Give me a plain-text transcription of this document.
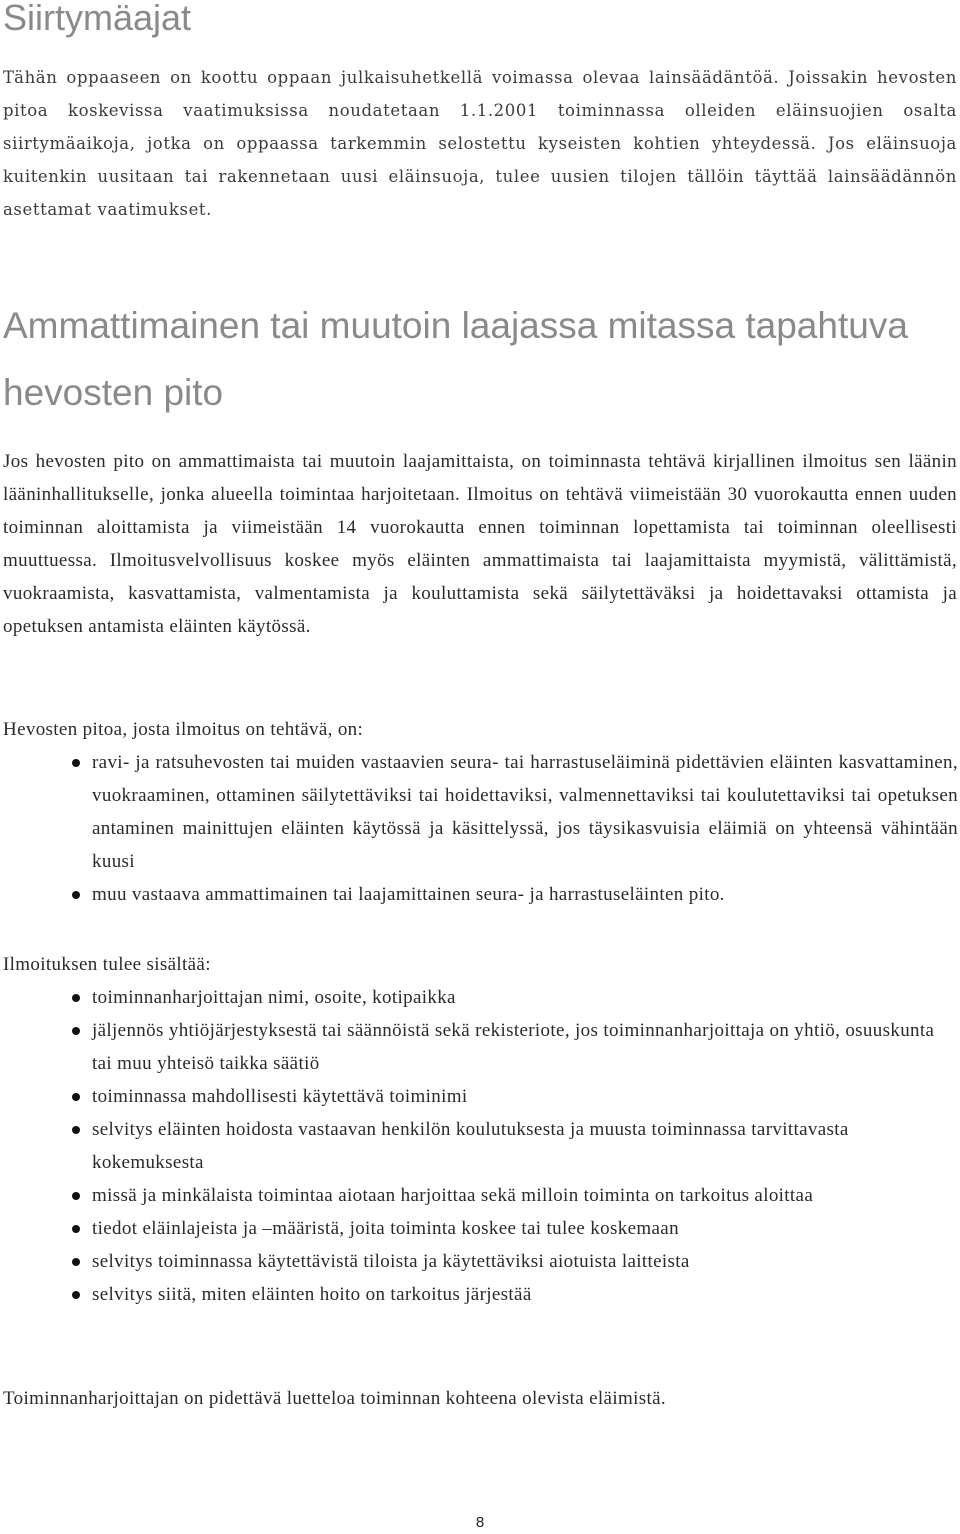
Siirtymäajat

Tähän oppaaseen on koottu oppaan julkaisuhetkellä voimassa olevaa lainsäädäntöä. Joissakin hevosten pitoa koskevissa vaatimuksissa noudatetaan 1.1.2001 toiminnassa olleiden eläinsuojien osalta siirtymäaikoja, jotka on oppaassa tarkemmin selostettu kyseisten kohtien yhteydessä. Jos eläinsuoja kuitenkin uusitaan tai rakennetaan uusi eläinsuoja, tulee uusien tilojen tällöin täyttää lainsäädännön asettamat vaatimukset.

Ammattimainen tai muutoin laajassa mitassa tapahtuva hevosten pito

Jos hevosten pito on ammattimaista tai muutoin laajamittaista, on toiminnasta tehtävä kirjallinen ilmoitus sen läänin lääninhallitukselle, jonka alueella toimintaa harjoitetaan. Ilmoitus on tehtävä viimeistään 30 vuorokautta ennen uuden toiminnan aloittamista ja viimeistään 14 vuorokautta ennen toiminnan lopettamista tai toiminnan oleellisesti muuttuessa. Ilmoitusvelvollisuus koskee myös eläinten ammattimaista tai laajamittaista myymistä, välittämistä, vuokraamista, kasvattamista, valmentamista ja kouluttamista sekä säilytettäväksi ja hoidettavaksi ottamista ja opetuksen antamista eläinten käytössä.

Hevosten pitoa, josta ilmoitus on tehtävä, on:

ravi- ja ratsuhevosten tai muiden vastaavien seura- tai harrastuseläiminä pidettävien eläinten kasvattaminen, vuokraaminen, ottaminen säilytettäviksi tai hoidettaviksi, valmennettaviksi tai koulutettaviksi tai opetuksen antaminen mainittujen eläinten käytössä ja käsittelyssä, jos täysikasvuisia eläimiä on yhteensä vähintään kuusi
muu vastaava ammattimainen tai laajamittainen seura- ja harrastuseläinten pito.

Ilmoituksen tulee sisältää:

toiminnanharjoittajan nimi, osoite, kotipaikka
jäljennös yhtiöjärjestyksestä tai säännöistä sekä rekisteriote, jos toiminnanharjoittaja on yhtiö, osuuskunta tai muu yhteisö taikka säätiö
toiminnassa mahdollisesti käytettävä toiminimi
selvitys eläinten hoidosta vastaavan henkilön koulutuksesta ja muusta toiminnassa tarvittavasta kokemuksesta
missä ja minkälaista toimintaa aiotaan harjoittaa sekä milloin toiminta on tarkoitus aloittaa
tiedot eläinlajeista ja –määristä, joita toiminta koskee tai tulee koskemaan
selvitys toiminnassa käytettävistä tiloista ja käytettäviksi aiotuista laitteista
selvitys siitä, miten eläinten hoito on tarkoitus järjestää

Toiminnanharjoittajan on pidettävä luetteloa toiminnan kohteena olevista eläimistä.

8
